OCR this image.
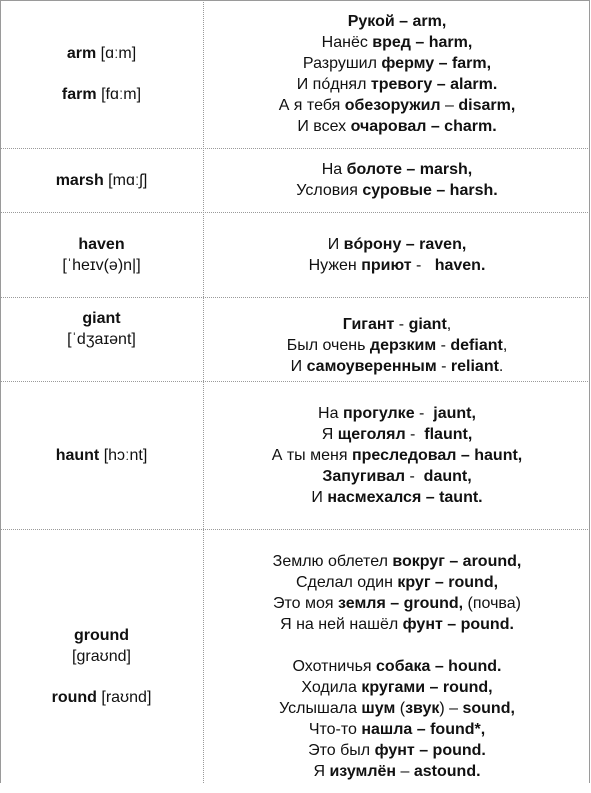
arm [ɑːm]
farm [fɑːm]
Рукой – arm,
Нанёс вред – harm,
Разрушил ферму – farm,
И пóднял тревогу – alarm.
А я тебя обезоружил – disarm,
И всех очаровал – charm.
marsh [mɑːʃ]
На болоте – marsh,
Условия суровые – harsh.
haven
[ˈheɪv(ə)n|]
И вóрону – raven,
Нужен приют -   haven.
giant
[ˈdʒaɪənt]
Гигант - giant,
Был очень дерзким - defiant,
И самоуверенным - reliant.
haunt [hɔːnt]
На прогулке -  jaunt,
Я щеголял -  flaunt,
А ты меня преследовал – haunt,
Запугивал -  daunt,
И насмехался – taunt.
ground
[graʊnd]
round [raʊnd]
Землю облетел вокруг – around,
Сделал один круг – round,
Это моя земля – ground, (почва)
Я на ней нашёл фунт – pound.

Охотничья собака – hound.
Ходила кругами – round,
Услышала шум (звук) – sound,
Что-то нашла – found*,
Это был фунт – pound.
Я изумлён – astound.
